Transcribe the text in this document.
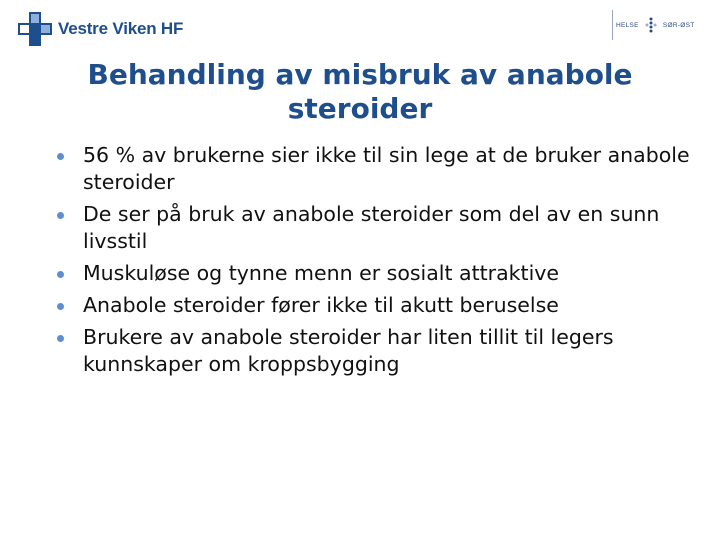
Vestre Viken HF	HELSE	SØR-ØST
Behandling av misbruk av anabole steroider
56 % av brukerne sier ikke til sin lege at de bruker anabole steroider
De ser på bruk av anabole steroider som del av en sunn livsstil
Muskuløse og tynne menn er sosialt attraktive
Anabole steroider fører ikke til akutt beruselse
Brukere av anabole steroider har liten tillit til legers kunnskaper om kroppsbygging
